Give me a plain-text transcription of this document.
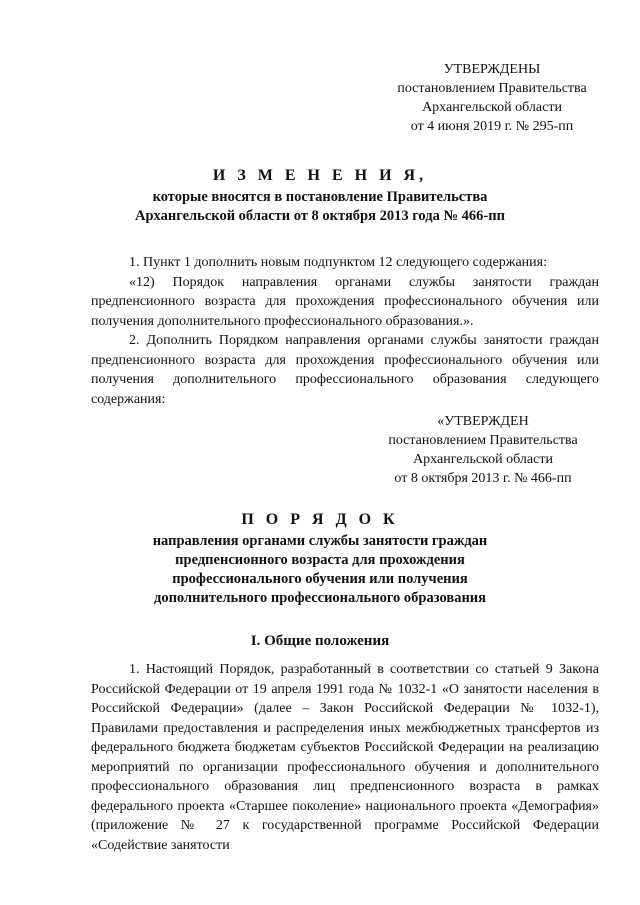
УТВЕРЖДЕНЫ
постановлением Правительства
Архангельской области
от 4 июня 2019 г. № 295-пп
И З М Е Н Е Н И Я,
которые вносятся в постановление Правительства
Архангельской области от 8 октября 2013 года № 466-пп

1. Пункт 1 дополнить новым подпунктом 12 следующего содержания:

«12) Порядок направления органами службы занятости граждан предпенсионного возраста для прохождения профессионального обучения или получения дополнительного профессионального образования.».

2. Дополнить Порядком направления органами службы занятости граждан предпенсионного возраста для прохождения профессионального обучения или получения дополнительного профессионального образования следующего содержания:

«УТВЕРЖДЕН
постановлением Правительства
Архангельской области
от 8 октября 2013 г. № 466-пп
П О Р Я Д О К
направления органами службы занятости граждан
предпенсионного возраста для прохождения
профессионального обучения или получения
дополнительного профессионального образования
I. Общие положения

1. Настоящий Порядок, разработанный в соответствии со статьей 9 Закона Российской Федерации от 19 апреля 1991 года № 1032-1 «О занятости населения в Российской Федерации» (далее – Закон Российской Федерации № 1032-1), Правилами предоставления и распределения иных межбюджетных трансфертов из федерального бюджета бюджетам субъектов Российской Федерации на реализацию мероприятий по организации профессионального обучения и дополнительного профессионального образования лиц предпенсионного возраста в рамках федерального проекта «Старшее поколение» национального проекта «Демография» (приложение № 27 к государственной программе Российской Федерации «Содействие занятости
